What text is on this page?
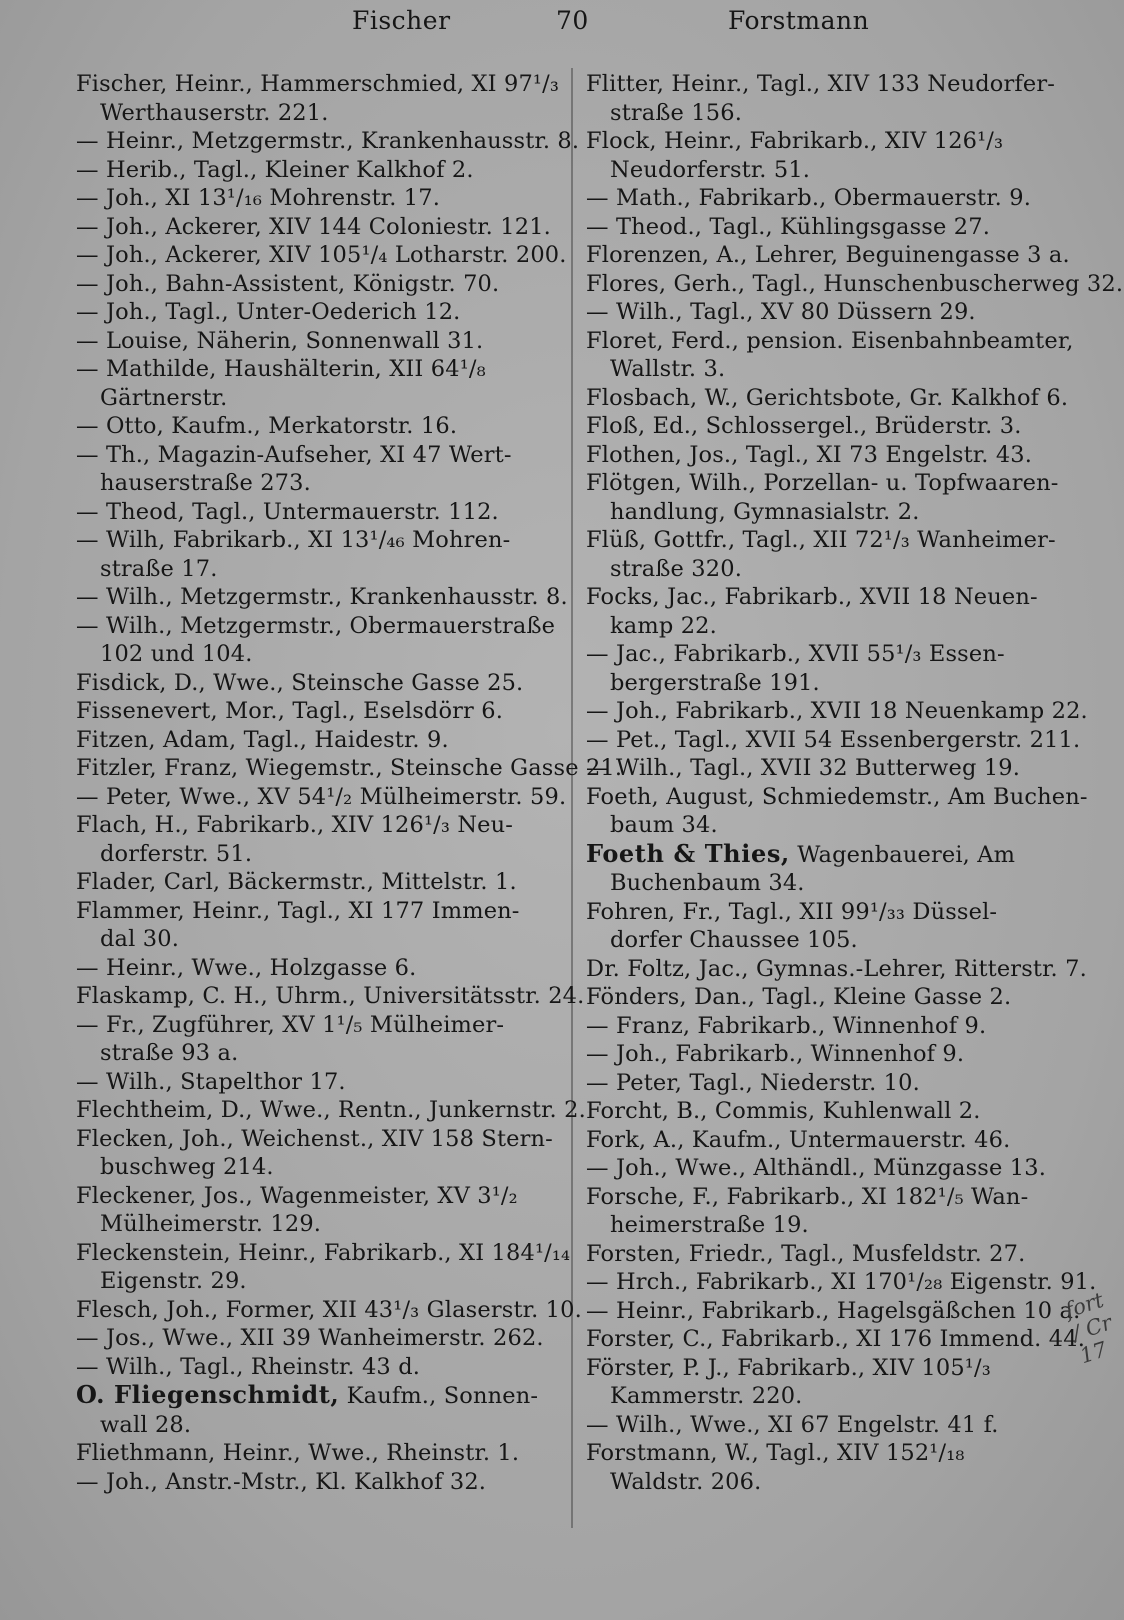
Fischer	70	Forstmann
Fischer, Heinr., Hammerschmied, XI 97¹/₃
Werthauserstr. 221.
— Heinr., Metzgermstr., Krankenhausstr. 8.
— Herib., Tagl., Kleiner Kalkhof 2.
— Joh., XI 13¹/₁₆ Mohrenstr. 17.
— Joh., Ackerer, XIV 144 Coloniestr. 121.
— Joh., Ackerer, XIV 105¹/₄ Lotharstr. 200.
— Joh., Bahn-Assistent, Königstr. 70.
— Joh., Tagl., Unter-Oederich 12.
— Louise, Näherin, Sonnenwall 31.
— Mathilde, Haushälterin, XII 64¹/₈
Gärtnerstr.
— Otto, Kaufm., Merkatorstr. 16.
— Th., Magazin-Aufseher, XI 47 Wert-
hauserstraße 273.
— Theod, Tagl., Untermauerstr. 112.
— Wilh, Fabrikarb., XI 13¹/₄₆ Mohren-
straße 17.
— Wilh., Metzgermstr., Krankenhausstr. 8.
— Wilh., Metzgermstr., Obermauerstraße
102 und 104.
Fisdick, D., Wwe., Steinsche Gasse 25.
Fissenevert, Mor., Tagl., Eselsdörr 6.
Fitzen, Adam, Tagl., Haidestr. 9.
Fitzler, Franz, Wiegemstr., Steinsche Gasse 21.
— Peter, Wwe., XV 54¹/₂ Mülheimerstr. 59.
Flach, H., Fabrikarb., XIV 126¹/₃ Neu-
dorferstr. 51.
Flader, Carl, Bäckermstr., Mittelstr. 1.
Flammer, Heinr., Tagl., XI 177 Immen-
dal 30.
— Heinr., Wwe., Holzgasse 6.
Flaskamp, C. H., Uhrm., Universitätsstr. 24.
— Fr., Zugführer, XV 1¹/₅ Mülheimer-
straße 93 a.
— Wilh., Stapelthor 17.
Flechtheim, D., Wwe., Rentn., Junkernstr. 2.
Flecken, Joh., Weichenst., XIV 158 Stern-
buschweg 214.
Fleckener, Jos., Wagenmeister, XV 3¹/₂
Mülheimerstr. 129.
Fleckenstein, Heinr., Fabrikarb., XI 184¹/₁₄
Eigenstr. 29.
Flesch, Joh., Former, XII 43¹/₃ Glaserstr. 10.
— Jos., Wwe., XII 39 Wanheimerstr. 262.
— Wilh., Tagl., Rheinstr. 43 d.
O. Fliegenschmidt, Kaufm., Sonnen-
wall 28.
Fliethmann, Heinr., Wwe., Rheinstr. 1.
— Joh., Anstr.-Mstr., Kl. Kalkhof 32.
Flitter, Heinr., Tagl., XIV 133 Neudorfer-
straße 156.
Flock, Heinr., Fabrikarb., XIV 126¹/₃
Neudorferstr. 51.
— Math., Fabrikarb., Obermauerstr. 9.
— Theod., Tagl., Kühlingsgasse 27.
Florenzen, A., Lehrer, Beguinengasse 3 a.
Flores, Gerh., Tagl., Hunschenbuscherweg 32.
— Wilh., Tagl., XV 80 Düssern 29.
Floret, Ferd., pension. Eisenbahnbeamter,
Wallstr. 3.
Flosbach, W., Gerichtsbote, Gr. Kalkhof 6.
Floß, Ed., Schlossergel., Brüderstr. 3.
Flothen, Jos., Tagl., XI 73 Engelstr. 43.
Flötgen, Wilh., Porzellan- u. Topfwaaren-
handlung, Gymnasialstr. 2.
Flüß, Gottfr., Tagl., XII 72¹/₃ Wanheimer-
straße 320.
Focks, Jac., Fabrikarb., XVII 18 Neuen-
kamp 22.
— Jac., Fabrikarb., XVII 55¹/₃ Essen-
bergerstraße 191.
— Joh., Fabrikarb., XVII 18 Neuenkamp 22.
— Pet., Tagl., XVII 54 Essenbergerstr. 211.
— Wilh., Tagl., XVII 32 Butterweg 19.
Foeth, August, Schmiedemstr., Am Buchen-
baum 34.
Foeth & Thies, Wagenbauerei, Am
Buchenbaum 34.
Fohren, Fr., Tagl., XII 99¹/₃₃ Düssel-
dorfer Chaussee 105.
Dr. Foltz, Jac., Gymnas.-Lehrer, Ritterstr. 7.
Fönders, Dan., Tagl., Kleine Gasse 2.
— Franz, Fabrikarb., Winnenhof 9.
— Joh., Fabrikarb., Winnenhof 9.
— Peter, Tagl., Niederstr. 10.
Forcht, B., Commis, Kuhlenwall 2.
Fork, A., Kaufm., Untermauerstr. 46.
— Joh., Wwe., Althändl., Münzgasse 13.
Forsche, F., Fabrikarb., XI 182¹/₅ Wan-
heimerstraße 19.
Forsten, Friedr., Tagl., Musfeldstr. 27.
— Hrch., Fabrikarb., XI 170¹/₂₈ Eigenstr. 91.
— Heinr., Fabrikarb., Hagelsgäßchen 10 a.
Forster, C., Fabrikarb., XI 176 Immend. 44.
Förster, P. J., Fabrikarb., XIV 105¹/₃
Kammerstr. 220.
— Wilh., Wwe., XI 67 Engelstr. 41 f.
Forstmann, W., Tagl., XIV 152¹/₁₈
Waldstr. 206.
fort / Cr 17
